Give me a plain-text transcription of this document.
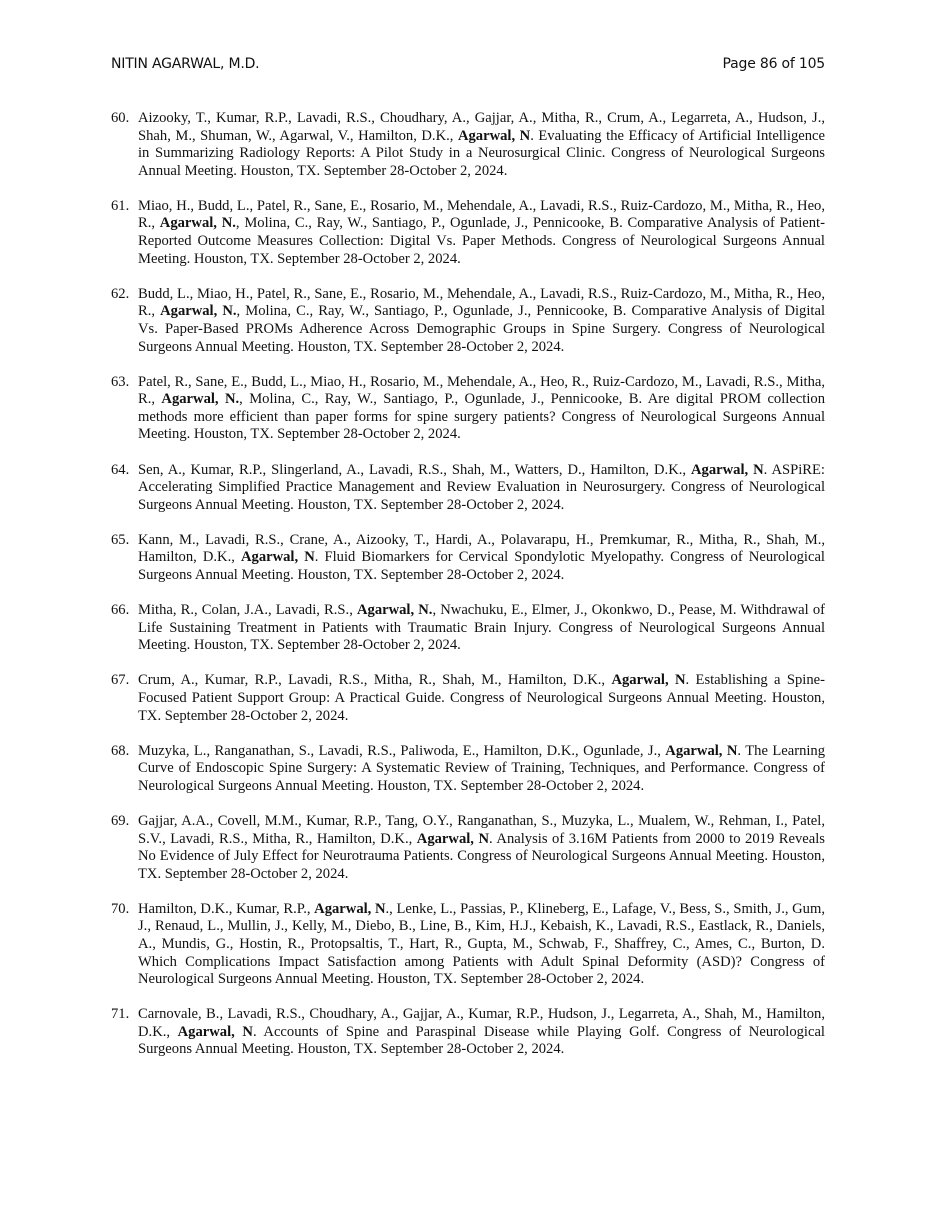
NITIN AGARWAL, M.D.	Page 86 of 105
60. Aizooky, T., Kumar, R.P., Lavadi, R.S., Choudhary, A., Gajjar, A., Mitha, R., Crum, A., Legarreta, A., Hudson, J., Shah, M., Shuman, W., Agarwal, V., Hamilton, D.K., Agarwal, N. Evaluating the Efficacy of Artificial Intelligence in Summarizing Radiology Reports: A Pilot Study in a Neurosurgical Clinic. Congress of Neurological Surgeons Annual Meeting. Houston, TX. September 28-October 2, 2024.
61. Miao, H., Budd, L., Patel, R., Sane, E., Rosario, M., Mehendale, A., Lavadi, R.S., Ruiz-Cardozo, M., Mitha, R., Heo, R., Agarwal, N., Molina, C., Ray, W., Santiago, P., Ogunlade, J., Pennicooke, B. Comparative Analysis of Patient-Reported Outcome Measures Collection: Digital Vs. Paper Methods. Congress of Neurological Surgeons Annual Meeting. Houston, TX. September 28-October 2, 2024.
62. Budd, L., Miao, H., Patel, R., Sane, E., Rosario, M., Mehendale, A., Lavadi, R.S., Ruiz-Cardozo, M., Mitha, R., Heo, R., Agarwal, N., Molina, C., Ray, W., Santiago, P., Ogunlade, J., Pennicooke, B. Comparative Analysis of Digital Vs. Paper-Based PROMs Adherence Across Demographic Groups in Spine Surgery. Congress of Neurological Surgeons Annual Meeting. Houston, TX. September 28-October 2, 2024.
63. Patel, R., Sane, E., Budd, L., Miao, H., Rosario, M., Mehendale, A., Heo, R., Ruiz-Cardozo, M., Lavadi, R.S., Mitha, R., Agarwal, N., Molina, C., Ray, W., Santiago, P., Ogunlade, J., Pennicooke, B. Are digital PROM collection methods more efficient than paper forms for spine surgery patients? Congress of Neurological Surgeons Annual Meeting. Houston, TX. September 28-October 2, 2024.
64. Sen, A., Kumar, R.P., Slingerland, A., Lavadi, R.S., Shah, M., Watters, D., Hamilton, D.K., Agarwal, N. ASPiRE: Accelerating Simplified Practice Management and Review Evaluation in Neurosurgery. Congress of Neurological Surgeons Annual Meeting. Houston, TX. September 28-October 2, 2024.
65. Kann, M., Lavadi, R.S., Crane, A., Aizooky, T., Hardi, A., Polavarapu, H., Premkumar, R., Mitha, R., Shah, M., Hamilton, D.K., Agarwal, N. Fluid Biomarkers for Cervical Spondylotic Myelopathy. Congress of Neurological Surgeons Annual Meeting. Houston, TX. September 28-October 2, 2024.
66. Mitha, R., Colan, J.A., Lavadi, R.S., Agarwal, N., Nwachuku, E., Elmer, J., Okonkwo, D., Pease, M. Withdrawal of Life Sustaining Treatment in Patients with Traumatic Brain Injury. Congress of Neurological Surgeons Annual Meeting. Houston, TX. September 28-October 2, 2024.
67. Crum, A., Kumar, R.P., Lavadi, R.S., Mitha, R., Shah, M., Hamilton, D.K., Agarwal, N. Establishing a Spine-Focused Patient Support Group: A Practical Guide. Congress of Neurological Surgeons Annual Meeting. Houston, TX. September 28-October 2, 2024.
68. Muzyka, L., Ranganathan, S., Lavadi, R.S., Paliwoda, E., Hamilton, D.K., Ogunlade, J., Agarwal, N. The Learning Curve of Endoscopic Spine Surgery: A Systematic Review of Training, Techniques, and Performance. Congress of Neurological Surgeons Annual Meeting. Houston, TX. September 28-October 2, 2024.
69. Gajjar, A.A., Covell, M.M., Kumar, R.P., Tang, O.Y., Ranganathan, S., Muzyka, L., Mualem, W., Rehman, I., Patel, S.V., Lavadi, R.S., Mitha, R., Hamilton, D.K., Agarwal, N. Analysis of 3.16M Patients from 2000 to 2019 Reveals No Evidence of July Effect for Neurotrauma Patients. Congress of Neurological Surgeons Annual Meeting. Houston, TX. September 28-October 2, 2024.
70. Hamilton, D.K., Kumar, R.P., Agarwal, N., Lenke, L., Passias, P., Klineberg, E., Lafage, V., Bess, S., Smith, J., Gum, J., Renaud, L., Mullin, J., Kelly, M., Diebo, B., Line, B., Kim, H.J., Kebaish, K., Lavadi, R.S., Eastlack, R., Daniels, A., Mundis, G., Hostin, R., Protopsaltis, T., Hart, R., Gupta, M., Schwab, F., Shaffrey, C., Ames, C., Burton, D. Which Complications Impact Satisfaction among Patients with Adult Spinal Deformity (ASD)? Congress of Neurological Surgeons Annual Meeting. Houston, TX. September 28-October 2, 2024.
71. Carnovale, B., Lavadi, R.S., Choudhary, A., Gajjar, A., Kumar, R.P., Hudson, J., Legarreta, A., Shah, M., Hamilton, D.K., Agarwal, N. Accounts of Spine and Paraspinal Disease while Playing Golf. Congress of Neurological Surgeons Annual Meeting. Houston, TX. September 28-October 2, 2024.
